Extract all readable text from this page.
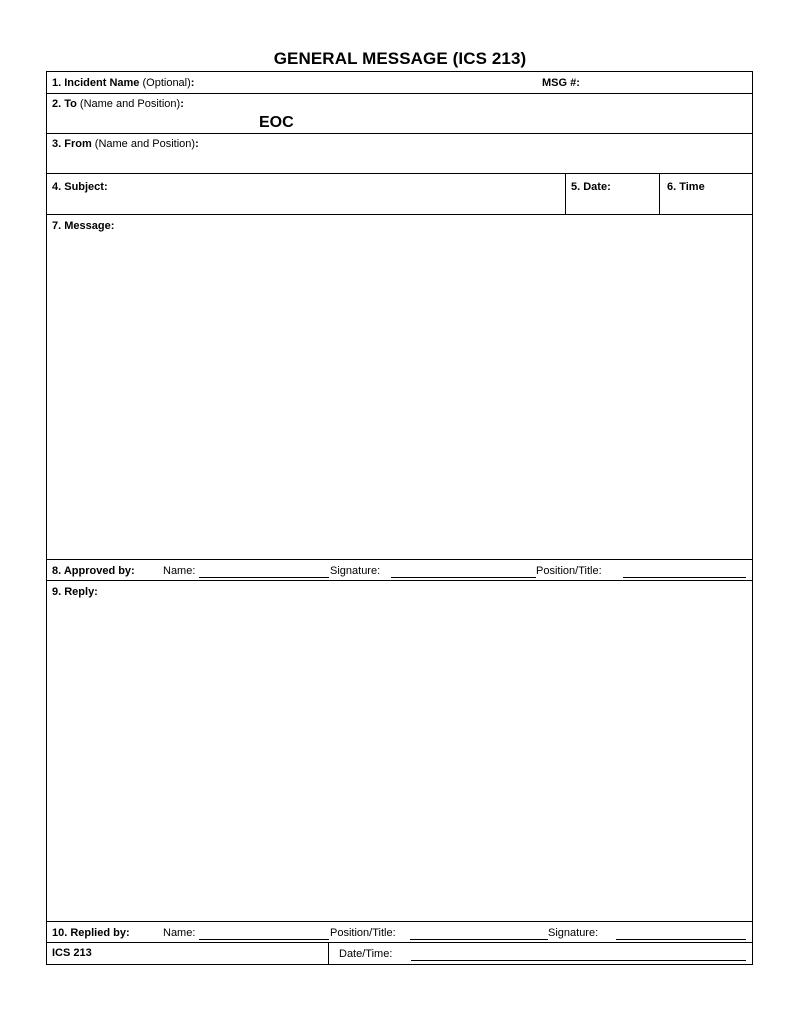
GENERAL MESSAGE (ICS 213)
1. Incident Name (Optional):	MSG #:
2. To (Name and Position):
EOC
3. From (Name and Position):
4. Subject:	5. Date:	6. Time
7. Message:
8. Approved by:	Name:	Signature:	Position/Title:
9. Reply:
10. Replied by:	Name:	Position/Title:	Signature:
ICS 213	Date/Time:
